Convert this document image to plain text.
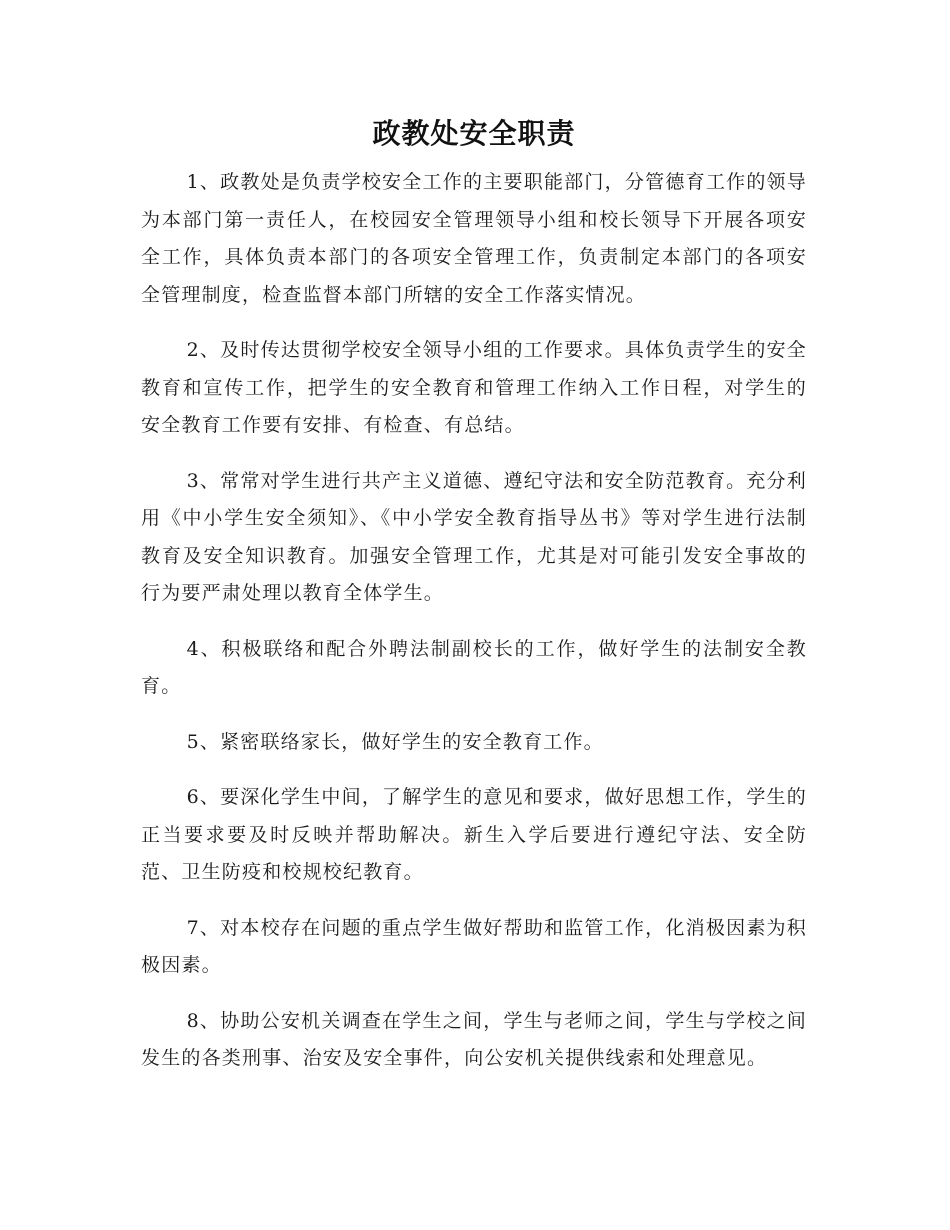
政教处安全职责

1、政教处是负责学校安全工作的主要职能部门，分管德育工作的领导为本部门第一责任人，在校园安全管理领导小组和校长领导下开展各项安全工作，具体负责本部门的各项安全管理工作，负责制定本部门的各项安全管理制度，检查监督本部门所辖的安全工作落实情况。

2、及时传达贯彻学校安全领导小组的工作要求。具体负责学生的安全教育和宣传工作，把学生的安全教育和管理工作纳入工作日程，对学生的安全教育工作要有安排、有检查、有总结。

3、常常对学生进行共产主义道德、遵纪守法和安全防范教育。充分利用《中小学生安全须知》、《中小学安全教育指导丛书》等对学生进行法制教育及安全知识教育。加强安全管理工作，尤其是对可能引发安全事故的行为要严肃处理以教育全体学生。

4、积极联络和配合外聘法制副校长的工作，做好学生的法制安全教育。

5、紧密联络家长，做好学生的安全教育工作。

6、要深化学生中间，了解学生的意见和要求，做好思想工作，学生的正当要求要及时反映并帮助解决。新生入学后要进行遵纪守法、安全防范、卫生防疫和校规校纪教育。

7、对本校存在问题的重点学生做好帮助和监管工作，化消极因素为积极因素。

8、协助公安机关调查在学生之间，学生与老师之间，学生与学校之间发生的各类刑事、治安及安全事件，向公安机关提供线索和处理意见。
